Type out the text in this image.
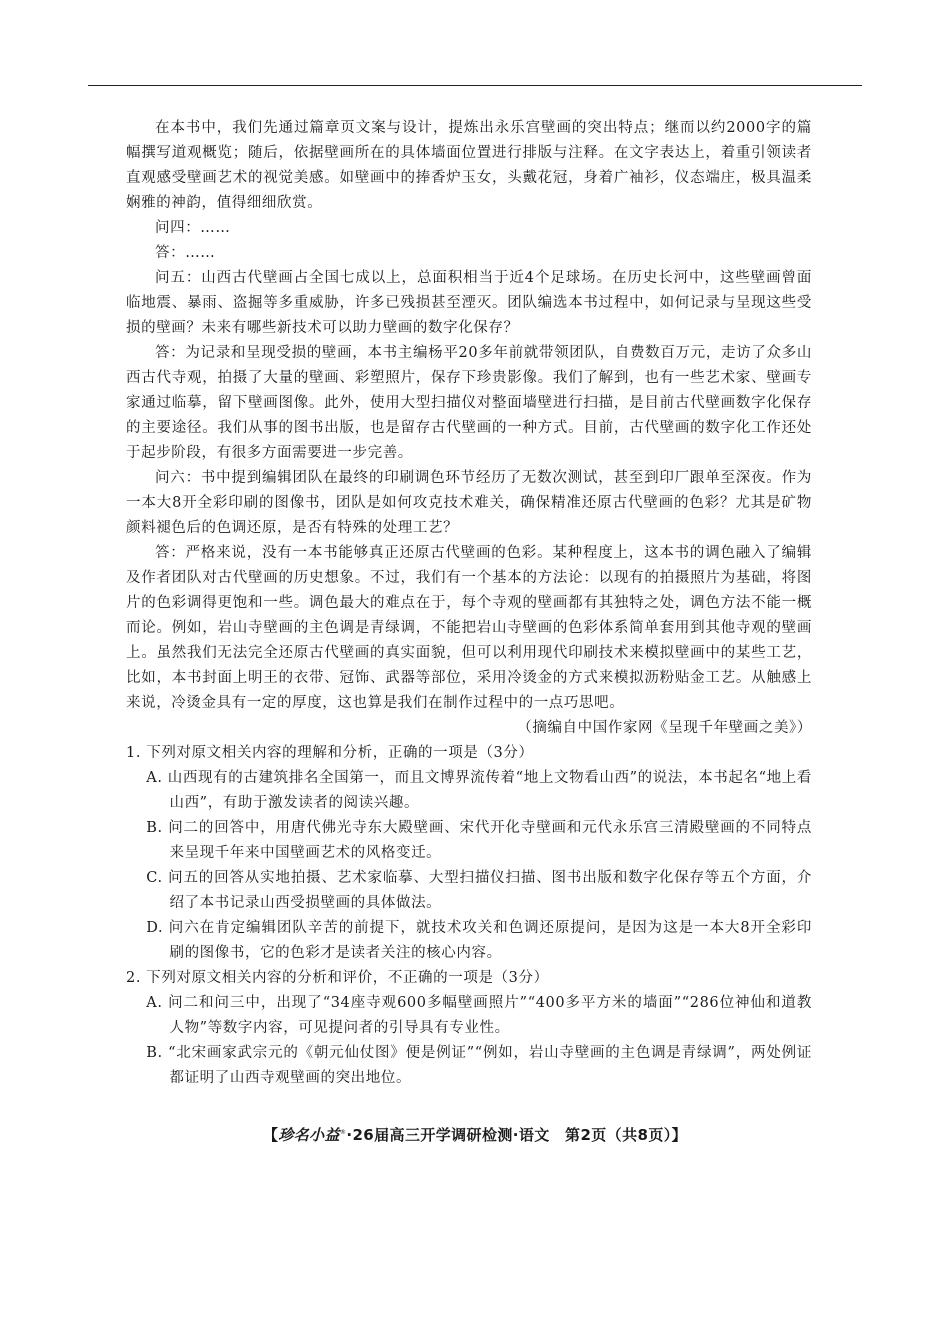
在本书中，我们先通过篇章页文案与设计，提炼出永乐宫壁画的突出特点；继而以约2000字的篇幅撰写道观概览；随后，依据壁画所在的具体墙面位置进行排版与注释。在文字表达上，着重引领读者直观感受壁画艺术的视觉美感。如壁画中的捧香炉玉女，头戴花冠，身着广袖衫，仪态端庄，极具温柔娴雅的神韵，值得细细欣赏。

问四：……

答：……

问五：山西古代壁画占全国七成以上，总面积相当于近4个足球场。在历史长河中，这些壁画曾面临地震、暴雨、盗掘等多重威胁，许多已残损甚至湮灭。团队编选本书过程中，如何记录与呈现这些受损的壁画？未来有哪些新技术可以助力壁画的数字化保存？

答：为记录和呈现受损的壁画，本书主编杨平20多年前就带领团队，自费数百万元，走访了众多山西古代寺观，拍摄了大量的壁画、彩塑照片，保存下珍贵影像。我们了解到，也有一些艺术家、壁画专家通过临摹，留下壁画图像。此外，使用大型扫描仪对整面墙壁进行扫描，是目前古代壁画数字化保存的主要途径。我们从事的图书出版，也是留存古代壁画的一种方式。目前，古代壁画的数字化工作还处于起步阶段，有很多方面需要进一步完善。

问六：书中提到编辑团队在最终的印刷调色环节经历了无数次测试，甚至到印厂跟单至深夜。作为一本大8开全彩印刷的图像书，团队是如何攻克技术难关，确保精准还原古代壁画的色彩？尤其是矿物颜料褪色后的色调还原，是否有特殊的处理工艺？

答：严格来说，没有一本书能够真正还原古代壁画的色彩。某种程度上，这本书的调色融入了编辑及作者团队对古代壁画的历史想象。不过，我们有一个基本的方法论：以现有的拍摄照片为基础，将图片的色彩调得更饱和一些。调色最大的难点在于，每个寺观的壁画都有其独特之处，调色方法不能一概而论。例如，岩山寺壁画的主色调是青绿调，不能把岩山寺壁画的色彩体系简单套用到其他寺观的壁画上。虽然我们无法完全还原古代壁画的真实面貌，但可以利用现代印刷技术来模拟壁画中的某些工艺，比如，本书封面上明王的衣带、冠饰、武器等部位，采用冷烫金的方式来模拟沥粉贴金工艺。从触感上来说，冷烫金具有一定的厚度，这也算是我们在制作过程中的一点巧思吧。

（摘编自中国作家网《呈现千年壁画之美》）

1. 下列对原文相关内容的理解和分析，正确的一项是（3分）

A. 山西现有的古建筑排名全国第一，而且文博界流传着“地上文物看山西”的说法，本书起名“地上看山西”，有助于激发读者的阅读兴趣。

B. 问二的回答中，用唐代佛光寺东大殿壁画、宋代开化寺壁画和元代永乐宫三清殿壁画的不同特点来呈现千年来中国壁画艺术的风格变迁。

C. 问五的回答从实地拍摄、艺术家临摹、大型扫描仪扫描、图书出版和数字化保存等五个方面，介绍了本书记录山西受损壁画的具体做法。

D. 问六在肯定编辑团队辛苦的前提下，就技术攻关和色调还原提问，是因为这是一本大8开全彩印刷的图像书，它的色彩才是读者关注的核心内容。

2. 下列对原文相关内容的分析和评价，不正确的一项是（3分）

A. 问二和问三中，出现了“34座寺观600多幅壁画照片”“400多平方米的墙面”“286位神仙和道教人物”等数字内容，可见提问者的引导具有专业性。

B. “北宋画家武宗元的《朝元仙仗图》便是例证”“例如，岩山寺壁画的主色调是青绿调”，两处例证都证明了山西寺观壁画的突出地位。

【珍名小益®·26届高三开学调研检测·语文　第2页（共8页）】
